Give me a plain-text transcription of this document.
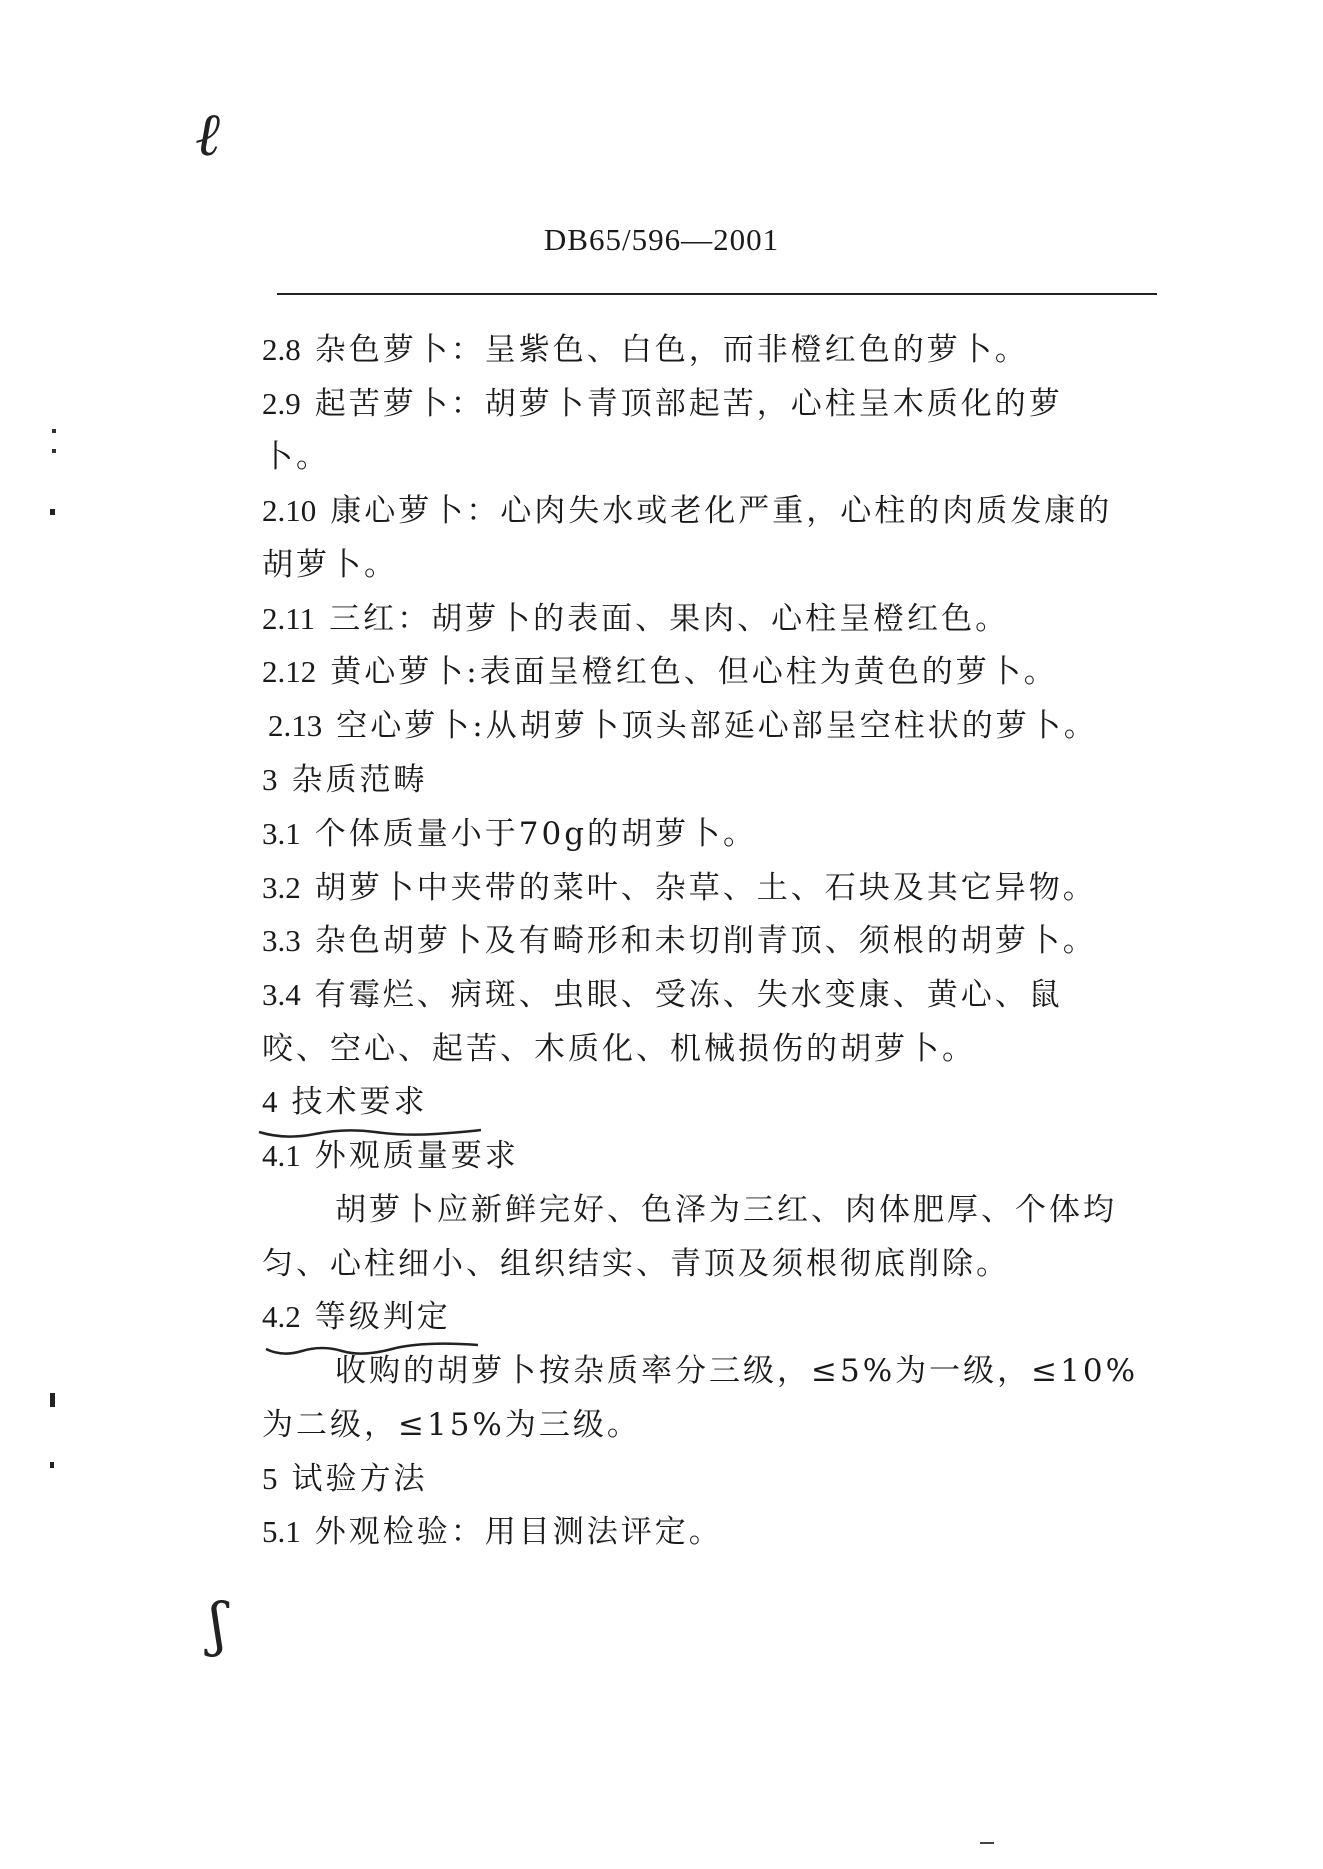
ℓ
DB65/596—2001
2.8 杂色萝卜：呈紫色、白色，而非橙红色的萝卜。
2.9 起苦萝卜：胡萝卜青顶部起苦，心柱呈木质化的萝
卜。
2.10 康心萝卜：心肉失水或老化严重，心柱的肉质发康的
胡萝卜。
2.11 三红：胡萝卜的表面、果肉、心柱呈橙红色。
2.12 黄心萝卜:表面呈橙红色、但心柱为黄色的萝卜。
2.13 空心萝卜:从胡萝卜顶头部延心部呈空柱状的萝卜。
3 杂质范畴
3.1 个体质量小于70g的胡萝卜。
3.2 胡萝卜中夹带的菜叶、杂草、土、石块及其它异物。
3.3 杂色胡萝卜及有畸形和未切削青顶、须根的胡萝卜。
3.4 有霉烂、病斑、虫眼、受冻、失水变康、黄心、鼠
咬、空心、起苦、木质化、机械损伤的胡萝卜。
4 技术要求
4.1 外观质量要求
胡萝卜应新鲜完好、色泽为三红、肉体肥厚、个体均
匀、心柱细小、组织结实、青顶及须根彻底削除。
4.2 等级判定
收购的胡萝卜按杂质率分三级，≤5%为一级，≤10%
为二级，≤15%为三级。
5 试验方法
5.1 外观检验：用目测法评定。
ʃ
